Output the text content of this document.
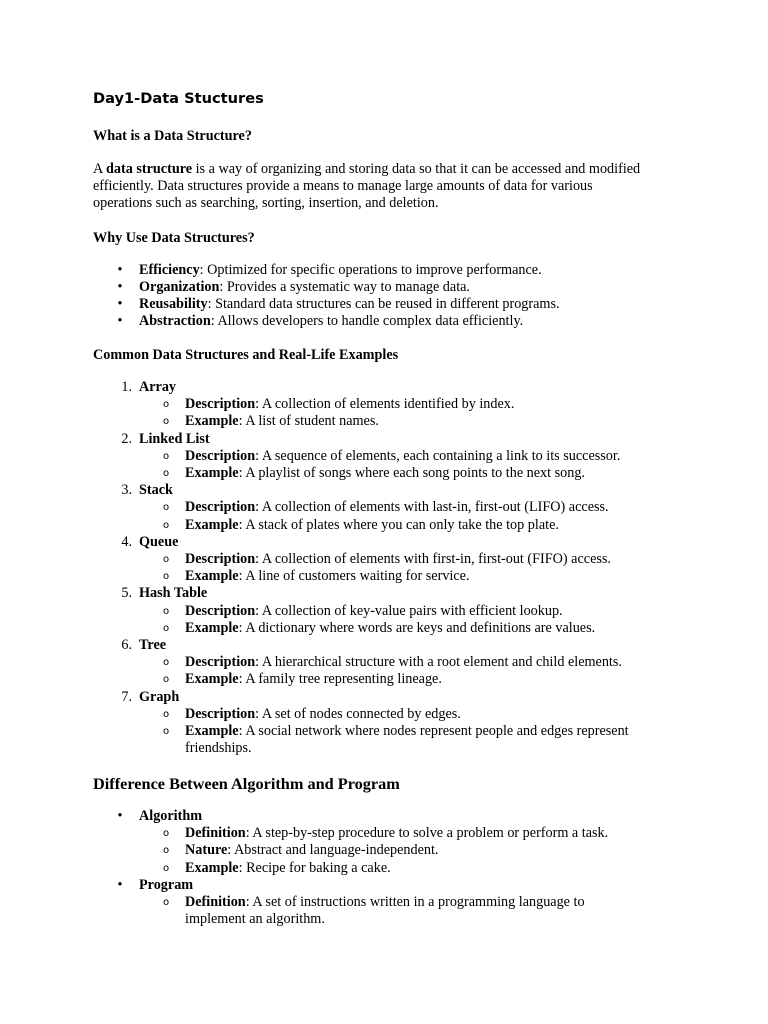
Day1-Data Stuctures
What is a Data Structure?

A data structure is a way of organizing and storing data so that it can be accessed and modified efficiently. Data structures provide a means to manage large amounts of data for various operations such as searching, sorting, insertion, and deletion.

Why Use Data Structures?
• Efficiency: Optimized for specific operations to improve performance.
• Organization: Provides a systematic way to manage data.
• Reusability: Standard data structures can be reused in different programs.
• Abstraction: Allows developers to handle complex data efficiently.
Common Data Structures and Real-Life Examples
1. Array
o Description: A collection of elements identified by index.
o Example: A list of student names.
2. Linked List
o Description: A sequence of elements, each containing a link to its successor.
o Example: A playlist of songs where each song points to the next song.
3. Stack
o Description: A collection of elements with last-in, first-out (LIFO) access.
o Example: A stack of plates where you can only take the top plate.
4. Queue
o Description: A collection of elements with first-in, first-out (FIFO) access.
o Example: A line of customers waiting for service.
5. Hash Table
o Description: A collection of key-value pairs with efficient lookup.
o Example: A dictionary where words are keys and definitions are values.
6. Tree
o Description: A hierarchical structure with a root element and child elements.
o Example: A family tree representing lineage.
7. Graph
o Description: A set of nodes connected by edges.
o Example: A social network where nodes represent people and edges represent friendships.
Difference Between Algorithm and Program
• Algorithm
o Definition: A step-by-step procedure to solve a problem or perform a task.
o Nature: Abstract and language-independent.
o Example: Recipe for baking a cake.
• Program
o Definition: A set of instructions written in a programming language to implement an algorithm.
